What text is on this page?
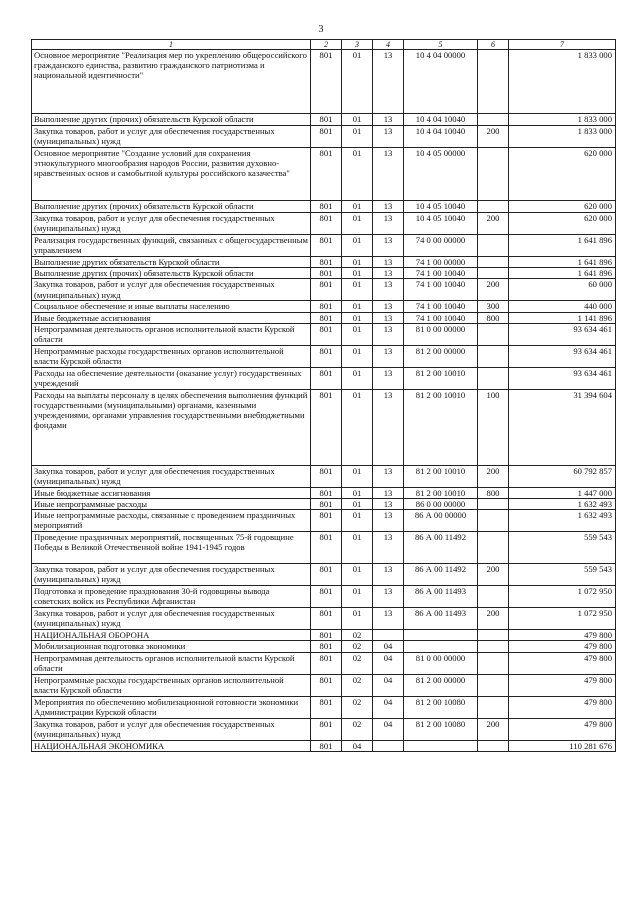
3
1	2	3	4	5	6	7
Основное мероприятие "Реализация мер по укреплению общероссийского гражданского единства, развитию гражданского патриотизма и национальной идентичности"	801	01	13	10 4 04 00000		1 833 000
Выполнение других (прочих) обязательств Курской области	801	01	13	10 4 04 10040		1 833 000
Закупка товаров, работ и услуг для обеспечения государственных (муниципальных) нужд	801	01	13	10 4 04 10040	200	1 833 000
Основное мероприятие "Создание условий для сохранения этнокультурного многообразия народов России, развития духовно-нравственных основ и самобытной культуры российского казачества"	801	01	13	10 4 05 00000		620 000
Выполнение других (прочих) обязательств Курской области	801	01	13	10 4 05 10040		620 000
Закупка товаров, работ и услуг для обеспечения государственных (муниципальных) нужд	801	01	13	10 4 05 10040	200	620 000
Реализация государственных функций, связанных с общегосударственным управлением	801	01	13	74 0 00 00000		1 641 896
Выполнение других обязательств Курской области	801	01	13	74 1 00 00000		1 641 896
Выполнение других (прочих) обязательств Курской области	801	01	13	74 1 00 10040		1 641 896
Закупка товаров, работ и услуг для обеспечения государственных (муниципальных) нужд	801	01	13	74 1 00 10040	200	60 000
Социальное обеспечение и иные выплаты населению	801	01	13	74 1 00 10040	300	440 000
Иные бюджетные ассигнования	801	01	13	74 1 00 10040	800	1 141 896
Непрограммная деятельность органов исполнительной власти Курской области	801	01	13	81 0 00 00000		93 634 461
Непрограммные расходы государственных органов исполнительной власти Курской области	801	01	13	81 2 00 00000		93 634 461
Расходы на обеспечение деятельности (оказание услуг) государственных учреждений	801	01	13	81 2 00 10010		93 634 461
Расходы на выплаты персоналу в целях обеспечения выполнения функций государственными (муниципальными) органами, казенными учреждениями, органами управления государственными внебюджетными фондами	801	01	13	81 2 00 10010	100	31 394 604
Закупка товаров, работ и услуг для обеспечения государственных (муниципальных) нужд	801	01	13	81 2 00 10010	200	60 792 857
Иные бюджетные ассигнования	801	01	13	81 2 00 10010	800	1 447 000
Иные непрограммные расходы	801	01	13	86 0 00 00000		1 632 493
Иные непрограммные расходы, связанные с проведением праздничных мероприятий	801	01	13	86 А 00 00000		1 632 493
Проведение праздничных мероприятий, посвященных 75-й годовщине Победы в Великой Отечественной войне 1941-1945 годов	801	01	13	86 А 00 11492		559 543
Закупка товаров, работ и услуг для обеспечения государственных (муниципальных) нужд	801	01	13	86 А 00 11492	200	559 543
Подготовка и проведение празднования 30-й годовщины вывода советских войск из Республики Афганистан	801	01	13	86 А 00 11493		1 072 950
Закупка товаров, работ и услуг для обеспечения государственных (муниципальных) нужд	801	01	13	86 А 00 11493	200	1 072 950
НАЦИОНАЛЬНАЯ ОБОРОНА	801	02				479 800
Мобилизационная подготовка экономики	801	02	04			479 800
Непрограммная деятельность органов исполнительной власти Курской области	801	02	04	81 0 00 00000		479 800
Непрограммные расходы государственных органов исполнительной власти Курской области	801	02	04	81 2 00 00000		479 800
Мероприятия по обеспечению мобилизационной готовности экономики Администрации Курской области	801	02	04	81 2 00 10080		479 800
Закупка товаров, работ и услуг для обеспечения государственных (муниципальных) нужд	801	02	04	81 2 00 10080	200	479 800
НАЦИОНАЛЬНАЯ ЭКОНОМИКА	801	04				110 281 676
